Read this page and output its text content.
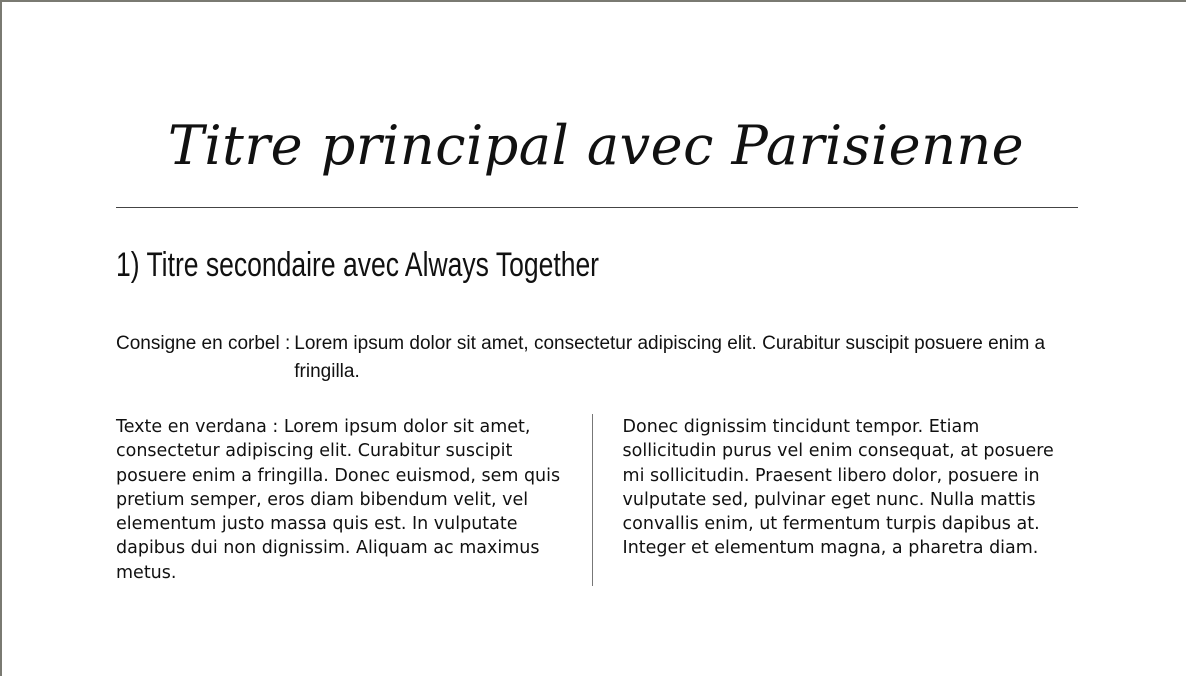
Titre principal avec Parisienne
1) Titre secondaire avec Always Together
Consigne en corbel : Lorem ipsum dolor sit amet, consectetur adipiscing elit. Curabitur suscipit posuere enim a fringilla.

Texte en verdana : Lorem ipsum dolor sit amet, consectetur adipiscing elit. Curabitur suscipit posuere enim a fringilla. Donec euismod, sem quis pretium semper, eros diam bibendum velit, vel elementum justo massa quis est. In vulputate dapibus dui non dignissim. Aliquam ac maximus metus.

Donec dignissim tincidunt tempor. Etiam sollicitudin purus vel enim consequat, at posuere mi sollicitudin. Praesent libero dolor, posuere in vulputate sed, pulvinar eget nunc. Nulla mattis convallis enim, ut fermentum turpis dapibus at. Integer et elementum magna, a pharetra diam.
